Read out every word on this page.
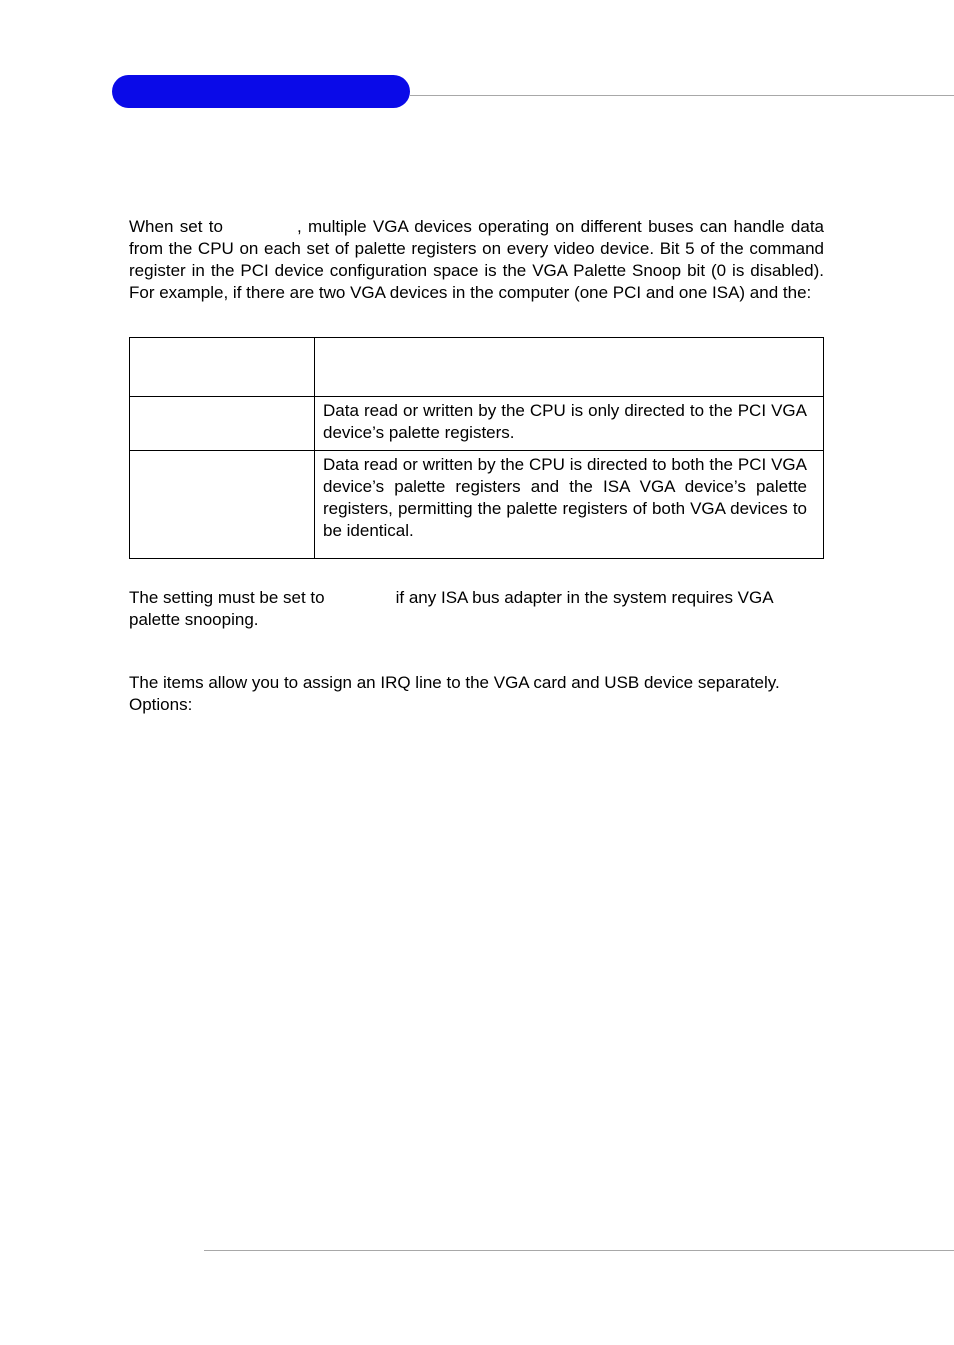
When set to	, multiple VGA devices operating on different buses can handle data from the CPU on each set of palette registers on every video device. Bit 5 of the command register in the PCI device configuration space is the VGA Palette Snoop bit (0 is disabled). For example, if there are two VGA devices in the computer (one PCI and one ISA) and the:

	Data read or written by the CPU is only directed to the PCI VGA device’s palette registers.
	Data read or written by the CPU is directed to both the PCI VGA device’s palette registers and the ISA VGA device’s palette registers, permitting the palette registers of both VGA devices to be identical.

The setting must be set to	if any ISA bus adapter in the system requires VGA palette snooping.

The items allow you to assign an IRQ line to the VGA card and USB device separately.
Options:
